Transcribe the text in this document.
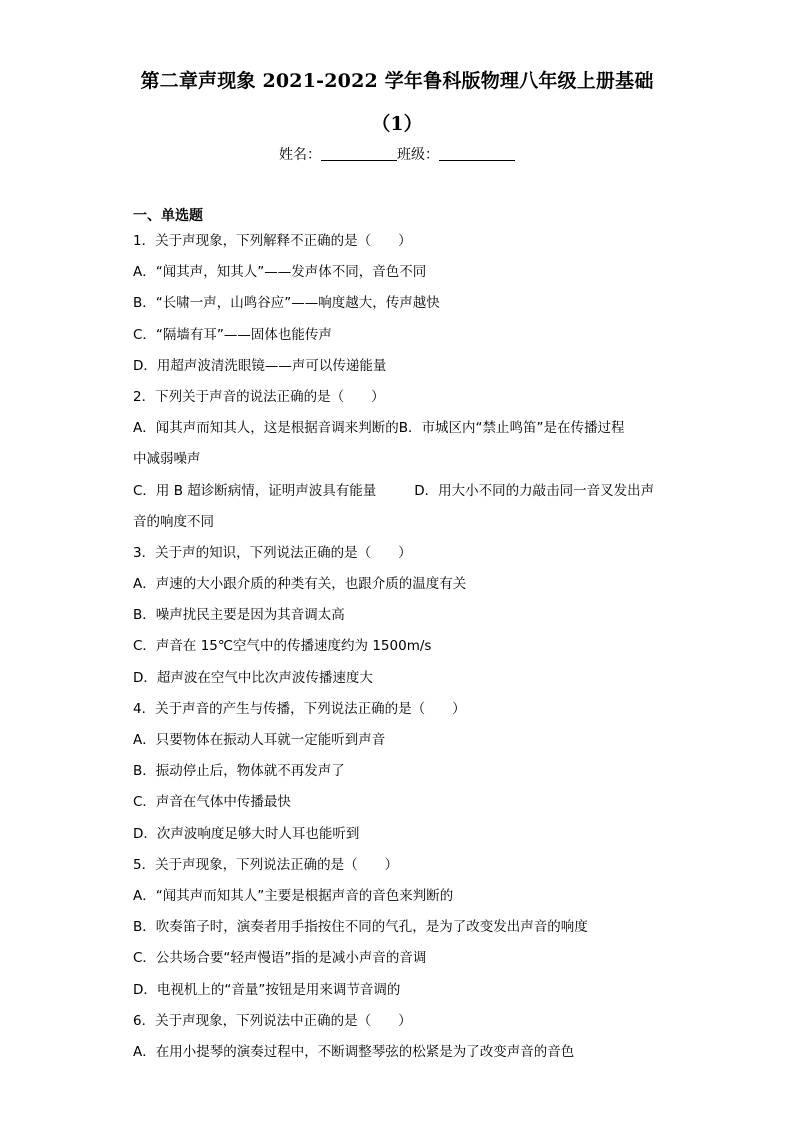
第二章声现象 2021-2022 学年鲁科版物理八年级上册基础
（1）
姓名：	班级：
一、单选题
1．关于声现象，下列解释不正确的是（　　）
A．“闻其声，知其人”——发声体不同，音色不同
B．“长啸一声，山鸣谷应”——响度越大，传声越快
C．“隔墙有耳”——固体也能传声
D．用超声波清洗眼镜——声可以传递能量
2．下列关于声音的说法正确的是（　　）
A．闻其声而知其人，这是根据音调来判断的B．市城区内“禁止鸣笛”是在传播过程
中减弱噪声
C．用 B 超诊断病情，证明声波具有能量	D．用大小不同的力敲击同一音叉发出声
音的响度不同
3．关于声的知识，下列说法正确的是（　　）
A．声速的大小跟介质的种类有关，也跟介质的温度有关
B．噪声扰民主要是因为其音调太高
C．声音在 15℃空气中的传播速度约为 1500m/s
D．超声波在空气中比次声波传播速度大
4．关于声音的产生与传播，下列说法正确的是（　　）
A．只要物体在振动人耳就一定能听到声音
B．振动停止后，物体就不再发声了
C．声音在气体中传播最快
D．次声波响度足够大时人耳也能听到
5．关于声现象，下列说法正确的是（　　）
A．“闻其声而知其人”主要是根据声音的音色来判断的
B．吹奏笛子时，演奏者用手指按住不同的气孔，是为了改变发出声音的响度
C．公共场合要“轻声慢语”指的是减小声音的音调
D．电视机上的“音量”按钮是用来调节音调的
6．关于声现象，下列说法中正确的是（　　）
A．在用小提琴的演奏过程中，不断调整琴弦的松紧是为了改变声音的音色
